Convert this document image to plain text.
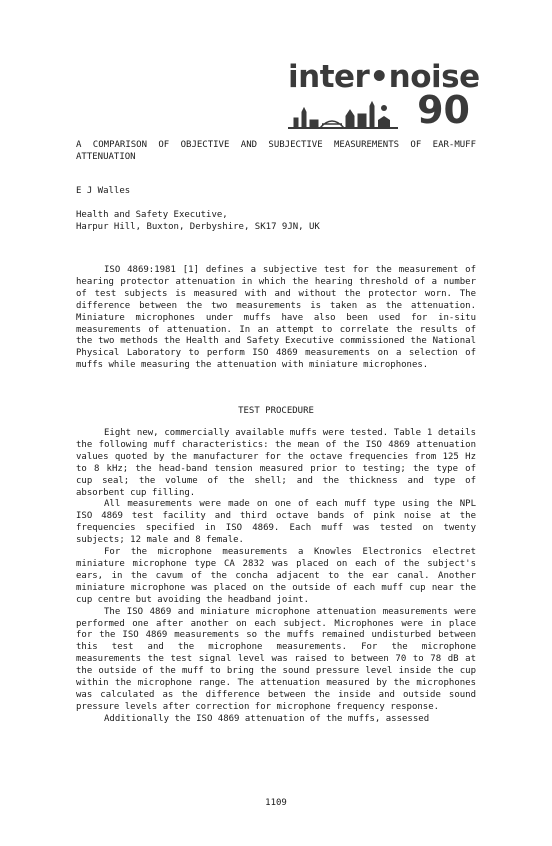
inter•noise
90
A COMPARISON OF OBJECTIVE AND SUBJECTIVE MEASUREMENTS OF EAR-MUFF ATTENUATION
E J Walles
Health and Safety Executive,
Harpur Hill, Buxton, Derbyshire, SK17 9JN, UK
ISO 4869:1981 [1] defines a subjective test for the measurement of hearing protector attenuation in which the hearing threshold of a number of test subjects is measured with and without the protector worn. The difference between the two measurements is taken as the attenuation. Miniature microphones under muffs have also been used for in-situ measurements of attenuation. In an attempt to correlate the results of the two methods the Health and Safety Executive commissioned the National Physical Laboratory to perform ISO 4869 measurements on a selection of muffs while measuring the attenuation with miniature microphones.
TEST PROCEDURE

Eight new, commercially available muffs were tested. Table 1 details the following muff characteristics: the mean of the ISO 4869 attenuation values quoted by the manufacturer for the octave frequencies from 125 Hz to 8 kHz; the head-band tension measured prior to testing; the type of cup seal; the volume of the shell; and the thickness and type of absorbent cup filling.

All measurements were made on one of each muff type using the NPL ISO 4869 test facility and third octave bands of pink noise at the frequencies specified in ISO 4869. Each muff was tested on twenty subjects; 12 male and 8 female.

For the microphone measurements a Knowles Electronics electret miniature microphone type CA 2832 was placed on each of the subject's ears, in the cavum of the concha adjacent to the ear canal. Another miniature microphone was placed on the outside of each muff cup near the cup centre but avoiding the headband joint.

The ISO 4869 and miniature microphone attenuation measurements were performed one after another on each subject. Microphones were in place for the ISO 4869 measurements so the muffs remained undisturbed between this test and the microphone measurements. For the microphone measurements the test signal level was raised to between 70 to 78 dB at the outside of the muff to bring the sound pressure level inside the cup within the microphone range. The attenuation measured by the microphones was calculated as the difference between the inside and outside sound pressure levels after correction for microphone frequency response.

Additionally the ISO 4869 attenuation of the muffs, assessed

1109
